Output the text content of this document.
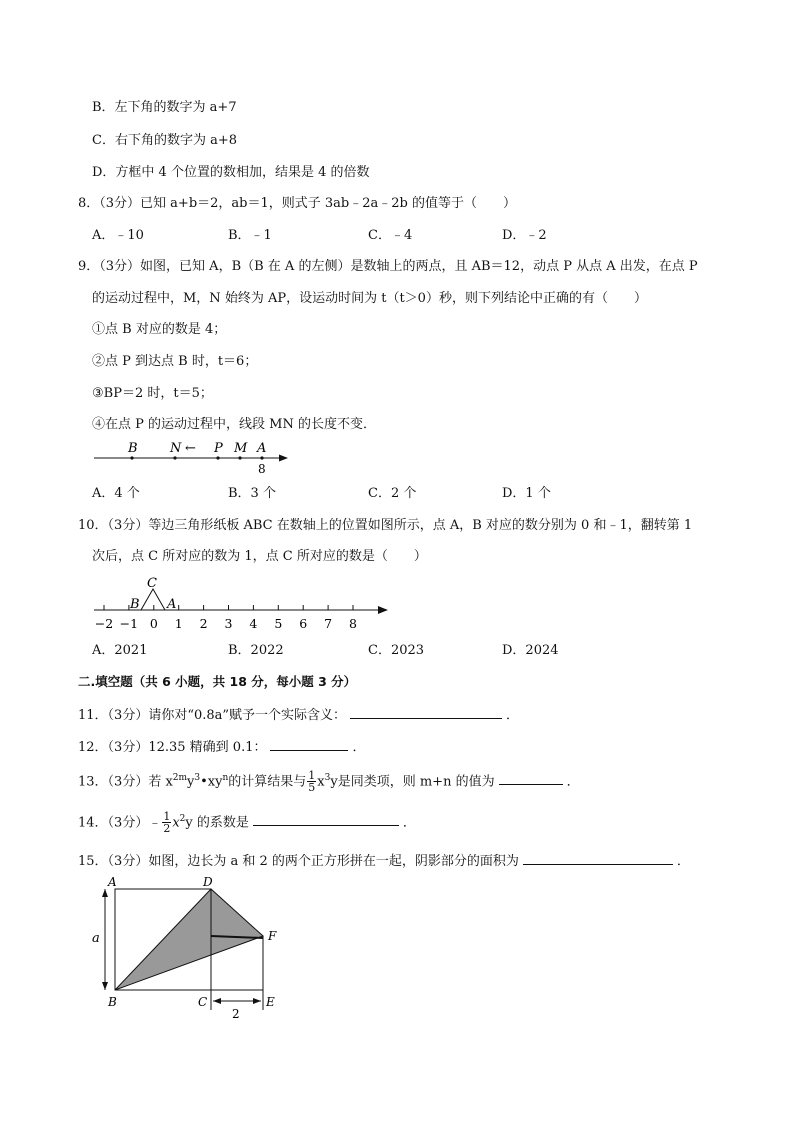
B．左下角的数字为 a+7
C．右下角的数字为 a+8
D．方框中 4 个位置的数相加，结果是 4 的倍数
8．（3分）已知 a+b＝2，ab＝1，则式子 3ab﹣2a﹣2b 的值等于（　　）
A．﹣10	B．﹣1	C．﹣4	D．﹣2
9．（3分）如图，已知 A，B（B 在 A 的左侧）是数轴上的两点，且 AB＝12，动点 P 从点 A 出发，在点 P
的运动过程中，M，N 始终为 AP，设运动时间为 t（t＞0）秒，则下列结论中正确的有（　　）
①点 B 对应的数是 4；
②点 P 到达点 B 时，t＝6；
③BP＝2 时，t＝5；
④在点 P 的运动过程中，线段 MN 的长度不变．
B N ← P M A
8
A．4 个	B．3 个	C．2 个	D．1 个
10．（3分）等边三角形纸板 ABC 在数轴上的位置如图所示，点 A，B 对应的数分别为 0 和﹣1，翻转第 1
次后，点 C 所对应的数为 1，点 C 所对应的数是（　　）
−2 −1 0 1 2 3 4 5 6 7 8
C
B A
A．2021	B．2022	C．2023	D．2024
二.填空题（共 6 小题，共 18 分，每小题 3 分）
11．（3分）请你对“0.8a”赋予一个实际含义：	．
12．（3分）12.35 精确到 0.1：	．
13．（3分）若 $x^{2m}y^3•xy^n$的计算结果与 $\frac{1}{5} x^3y$是同类项，则 m+n 的值为	．
14．（3分）﹣ $\frac{1}{2} x^2y$ 的系数是	．
15．（3分）如图，边长为 a 和 2 的两个正方形拼在一起，阴影部分的面积为	．
A	D
F
a
B	C	E
2
